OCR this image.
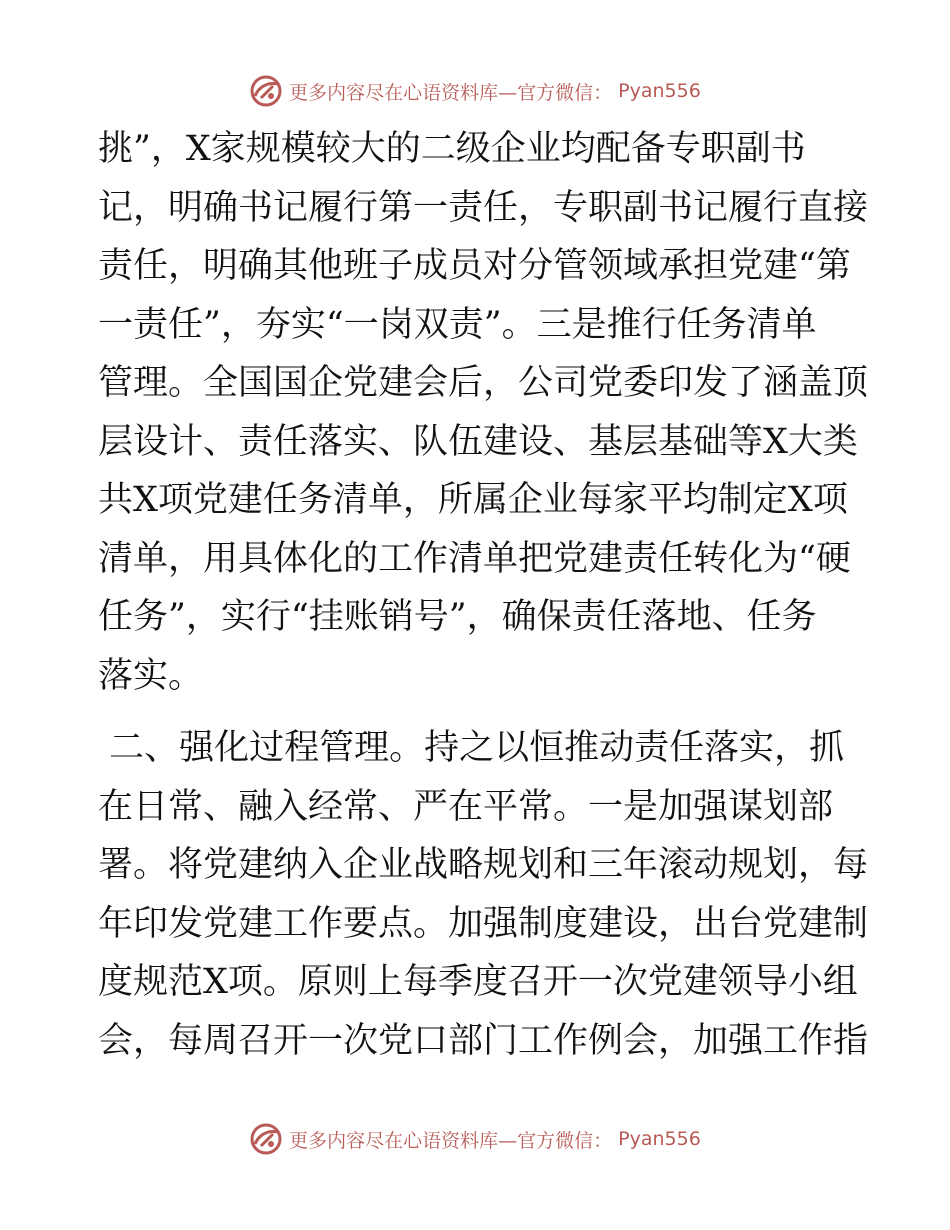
更多内容尽在心语资料库—官方微信： Pyan556
挑”，X家规模较大的二级企业均配备专职副书
记，明确书记履行第一责任，专职副书记履行直接
责任，明确其他班子成员对分管领域承担党建“第
一责任”，夯实“一岗双责”。三是推行任务清单
管理。全国国企党建会后，公司党委印发了涵盖顶
层设计、责任落实、队伍建设、基层基础等X大类
共X项党建任务清单，所属企业每家平均制定X项
清单，用具体化的工作清单把党建责任转化为“硬
任务”，实行“挂账销号”，确保责任落地、任务
落实。
二、强化过程管理。持之以恒推动责任落实，抓
在日常、融入经常、严在平常。一是加强谋划部
署。将党建纳入企业战略规划和三年滚动规划，每
年印发党建工作要点。加强制度建设，出台党建制
度规范X项。原则上每季度召开一次党建领导小组
会，每周召开一次党口部门工作例会，加强工作指
更多内容尽在心语资料库—官方微信： Pyan556
